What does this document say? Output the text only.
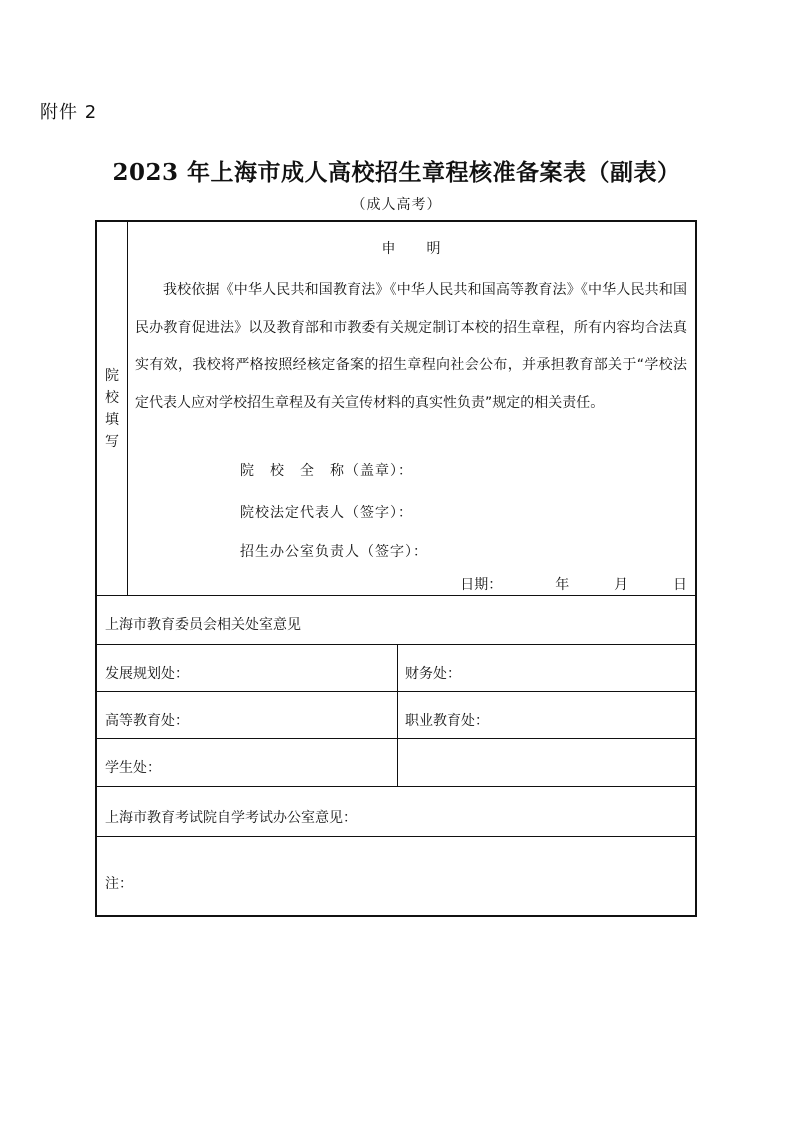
附件 2
2023 年上海市成人高校招生章程核准备案表（副表）
（成人高考）
院
校
填
写
申　　明

我校依据《中华人民共和国教育法》《中华人民共和国高等教育法》《中华人民共和国民办教育促进法》以及教育部和市教委有关规定制订本校的招生章程，所有内容均合法真实有效，我校将严格按照经核定备案的招生章程向社会公布，并承担教育部关于“学校法定代表人应对学校招生章程及有关宣传材料的真实性负责”规定的相关责任。

院　校　全　称（盖章）：
院校法定代表人（签字）：
招生办公室负责人（签字）：
日期：	年	月	日
上海市教育委员会相关处室意见
发展规划处：	财务处：
高等教育处：	职业教育处：
学生处：
上海市教育考试院自学考试办公室意见：
注：
